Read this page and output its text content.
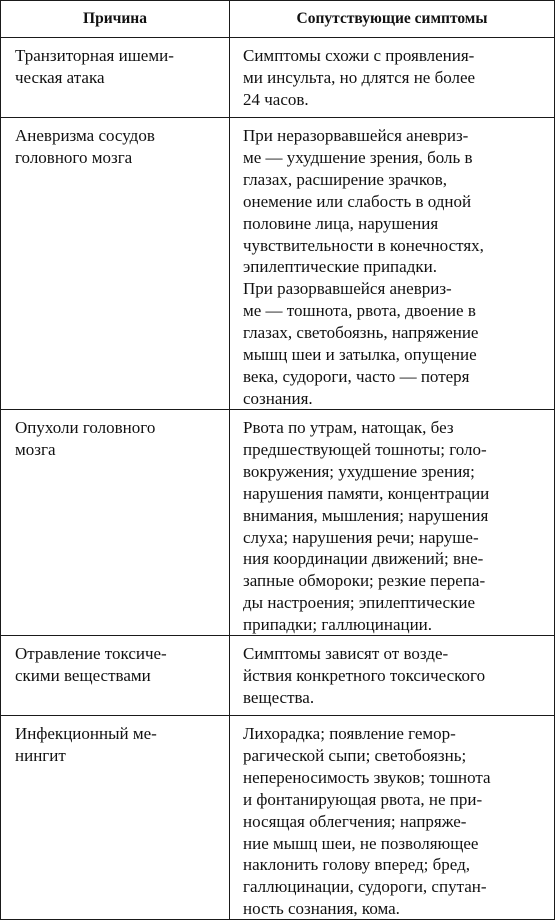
Причина	Сопутствующие симптомы
Транзиторная ишеми-
ческая атака
Симптомы схожи с проявления-
ми инсульта, но длятся не более
24 часов.
Аневризма сосудов
головного мозга
При неразорвавшейся аневриз-
ме — ухудшение зрения, боль в
глазах, расширение зрачков,
онемение или слабость в одной
половине лица, нарушения
чувствительности в конечностях,
эпилептические припадки.
При разорвавшейся аневриз-
ме — тошнота, рвота, двоение в
глазах, светобоязнь, напряжение
мышц шеи и затылка, опущение
века, судороги, часто — потеря
сознания.
Опухоли головного
мозга
Рвота по утрам, натощак, без
предшествующей тошноты; голо-
вокружения; ухудшение зрения;
нарушения памяти, концентрации
внимания, мышления; нарушения
слуха; нарушения речи; наруше-
ния координации движений; вне-
запные обмороки; резкие перепа-
ды настроения; эпилептические
припадки; галлюцинации.
Отравление токсиче-
скими веществами
Симптомы зависят от возде-
йствия конкретного токсического
вещества.
Инфекционный ме-
нингит
Лихорадка; появление гемор-
рагической сыпи; светобоязнь;
непереносимость звуков; тошнота
и фонтанирующая рвота, не при-
носящая облегчения; напряже-
ние мышц шеи, не позволяющее
наклонить голову вперед; бред,
галлюцинации, судороги, спутан-
ность сознания, кома.
